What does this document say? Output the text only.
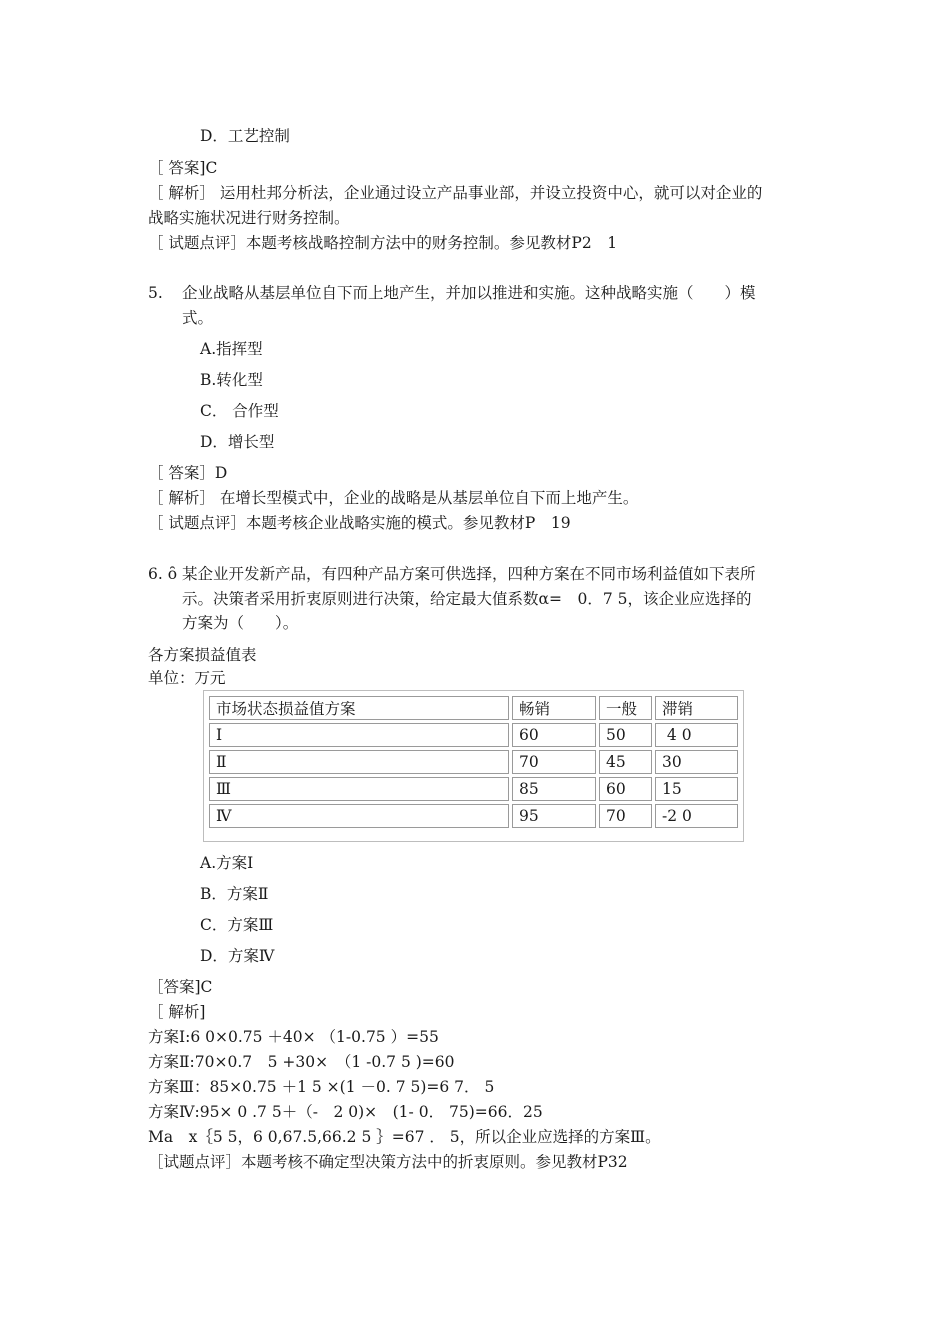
D．工艺控制
［ 答案]C
［ 解析］ 运用杜邦分析法，企业通过设立产品事业部，并设立投资中心，就可以对企业的
战略实施状况进行财务控制。
［ 试题点评］本题考核战略控制方法中的财务控制。参见教材P2　1
5. 企业战略从基层单位自下而上地产生，并加以推进和实施。这种战略实施（　　）模
式。
A.指挥型
B.转化型
C． 合作型
D．增长型
［ 答案］D
［ 解析］ 在增长型模式中，企业的战略是从基层单位自下而上地产生。
［ 试题点评］本题考核企业战略实施的模式。参见教材P　19
6. ȏ 某企业开发新产品，有四种产品方案可供选择，四种方案在不同市场利益值如下表所
示。决策者采用折衷原则进行决策，给定最大值系数α=　0．7 5，该企业应选择的
方案为（　　）。
各方案损益值表
单位：万元
市场状态损益值方案	畅销	一般	滞销
Ⅰ	60	50	4 0
Ⅱ	70	45	30
Ⅲ	85	60	15
Ⅳ	95	70	-2 0
A.方案Ⅰ
B．方案Ⅱ
C．方案Ⅲ
D．方案Ⅳ
［答案]C
［ 解析]
方案Ⅰ:6 0×0.75 ＋40× （1-0.75 ）=55
方案Ⅱ:70×0.7　5 +30×　（1 -0.7 5 )=60
方案Ⅲ：85×0.75 ＋1 5 ×(1 －0. 7 5)=6 7． 5
方案Ⅳ:95× 0 .7 5＋（-　2 0)×　(1- 0． 75)=66．25
Ma　x｛5 5，6 0,67.5,66.2 5 ｝=67 ． 5，所以企业应选择的方案Ⅲ。
［试题点评］本题考核不确定型决策方法中的折衷原则。参见教材P32
